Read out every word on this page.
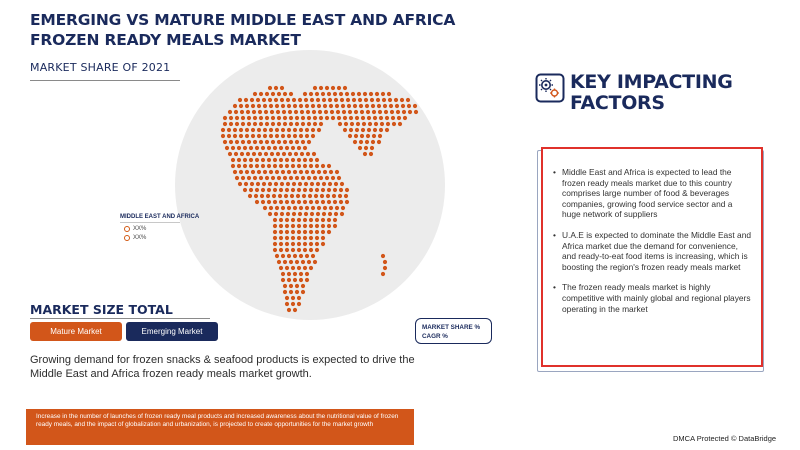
EMERGING VS MATURE MIDDLE EAST AND AFRICA FROZEN READY MEALS MARKET
MARKET SHARE OF 2021
MIDDLE EAST AND AFRICA
XX%
XX%
MARKET SIZE TOTAL
Mature Market	Emerging Market	MARKET SHARE %
CAGR %
Growing demand for frozen snacks & seafood products is expected to drive the Middle East and Africa frozen ready meals market growth.
Increase in the number of launches of frozen ready meal products and increased awareness about the nutritional value of frozen ready meals, and the impact of globalization and urbanization, is projected to create opportunities for the market growth
KEY IMPACTING
FACTORS
• Middle East and Africa is expected to lead the frozen ready meals market due to this country comprises large number of food & beverages companies, growing food service sector and a huge network of suppliers
• U.A.E is expected to dominate the Middle East and Africa market due the demand for convenience, and ready-to-eat food items is increasing, which is boosting the region's frozen ready meals market
• The frozen ready meals market is highly competitive with mainly global and regional players operating in the market
DMCA Protected © DataBridge
